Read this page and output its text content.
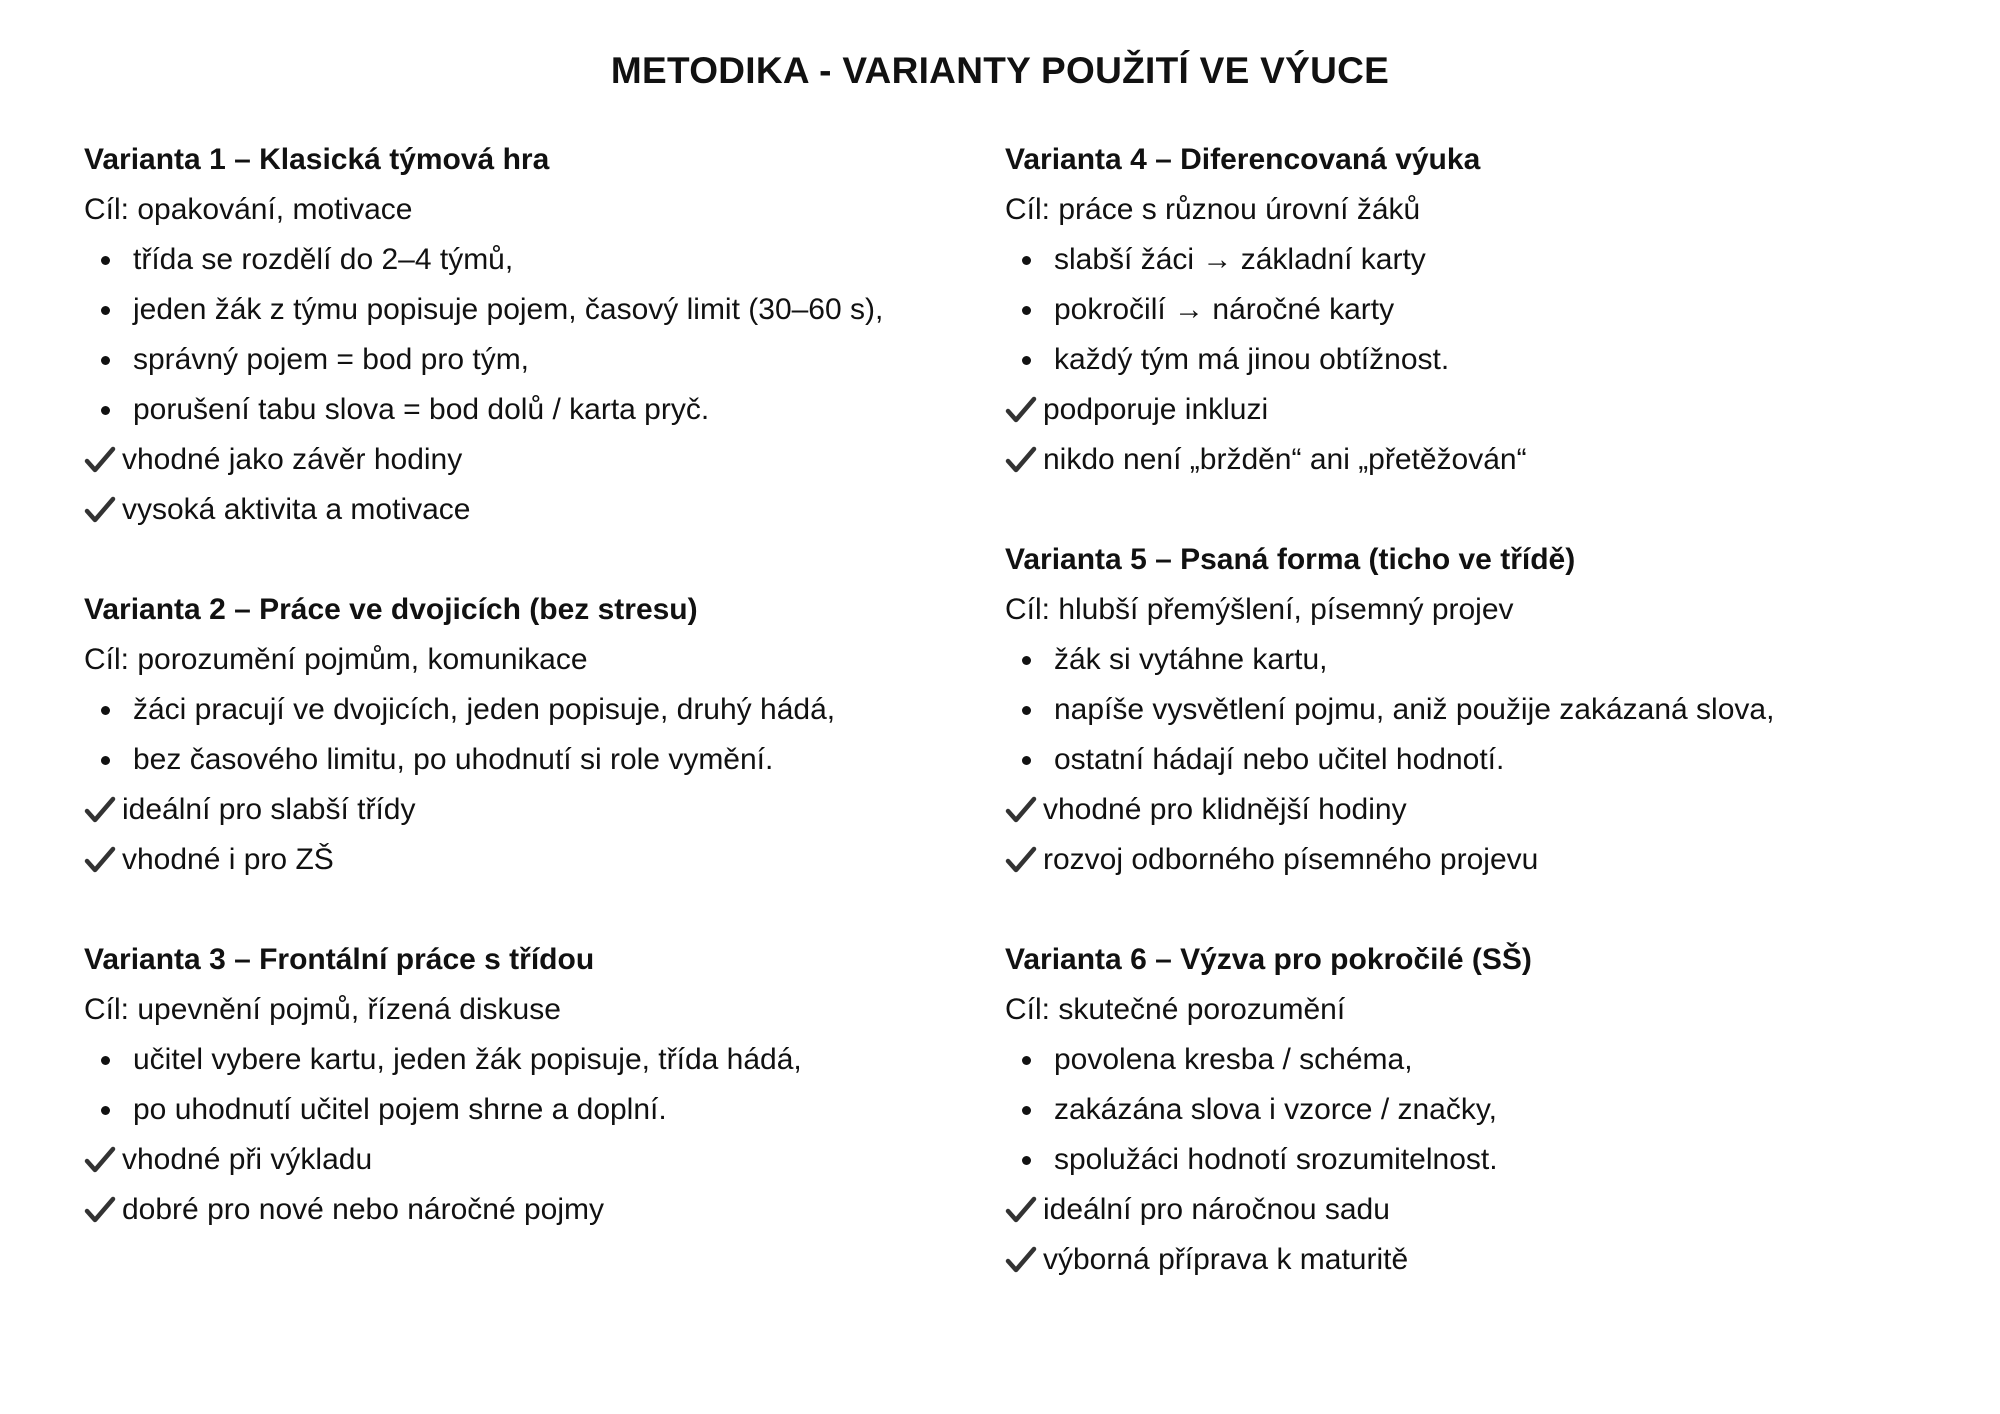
METODIKA - VARIANTY POUŽITÍ VE VÝUCE
Varianta 1 – Klasická týmová hra

Cíl: opakování, motivace

třída se rozdělí do 2–4 týmů,
jeden žák z týmu popisuje pojem, časový limit (30–60 s),
správný pojem = bod pro tým,
porušení tabu slova = bod dolů / karta pryč.
vhodné jako závěr hodiny
vysoká aktivita a motivace
Varianta 2 – Práce ve dvojicích (bez stresu)

Cíl: porozumění pojmům, komunikace

žáci pracují ve dvojicích, jeden popisuje, druhý hádá,
bez časového limitu, po uhodnutí si role vymění.
ideální pro slabší třídy
vhodné i pro ZŠ
Varianta 3 – Frontální práce s třídou

Cíl: upevnění pojmů, řízená diskuse

učitel vybere kartu, jeden žák popisuje, třída hádá,
po uhodnutí učitel pojem shrne a doplní.
vhodné při výkladu
dobré pro nové nebo náročné pojmy
Varianta 4 – Diferencovaná výuka

Cíl: práce s různou úrovní žáků

slabší žáci → základní karty
pokročilí → náročné karty
každý tým má jinou obtížnost.
podporuje inkluzi
nikdo není „bržděn“ ani „přetěžován“
Varianta 5 – Psaná forma (ticho ve třídě)

Cíl: hlubší přemýšlení, písemný projev

žák si vytáhne kartu,
napíše vysvětlení pojmu, aniž použije zakázaná slova,
ostatní hádají nebo učitel hodnotí.
vhodné pro klidnější hodiny
rozvoj odborného písemného projevu
Varianta 6 – Výzva pro pokročilé (SŠ)

Cíl: skutečné porozumění

povolena kresba / schéma,
zakázána slova i vzorce / značky,
spolužáci hodnotí srozumitelnost.
ideální pro náročnou sadu
výborná příprava k maturitě
